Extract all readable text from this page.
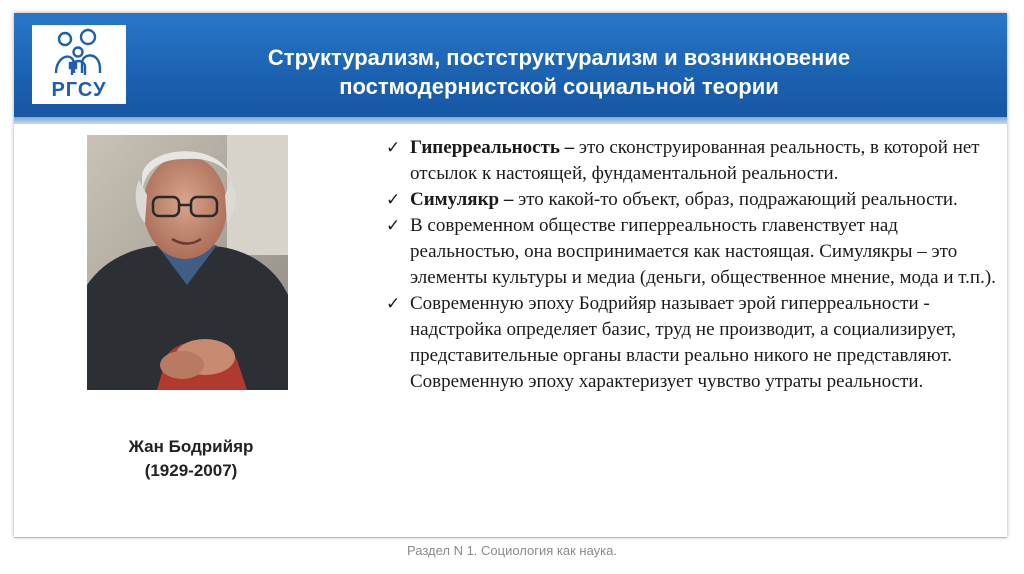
РГСУ
Структурализм, постструктурализм и возникновение
постмодернистской социальной теории
Жан Бодрийяр
(1929-2007)
✓ Гиперреальность – это сконструированная реальность, в которой нет отсылок к настоящей, фундаментальной реальности.
✓ Симулякр – это какой-то объект, образ, подражающий реальности.
✓ В современном обществе гиперреальность главенствует над реальностью, она воспринимается как настоящая. Симулякры – это элементы культуры и медиа (деньги, общественное мнение, мода и т.п.).
✓ Современную эпоху Бодрийяр называет эрой гиперреальности - надстройка определяет базис, труд не производит, а социализирует, представительные органы власти реально никого не представляют. Современную эпоху характеризует чувство утраты реальности.
Раздел N 1. Социология как наука.
